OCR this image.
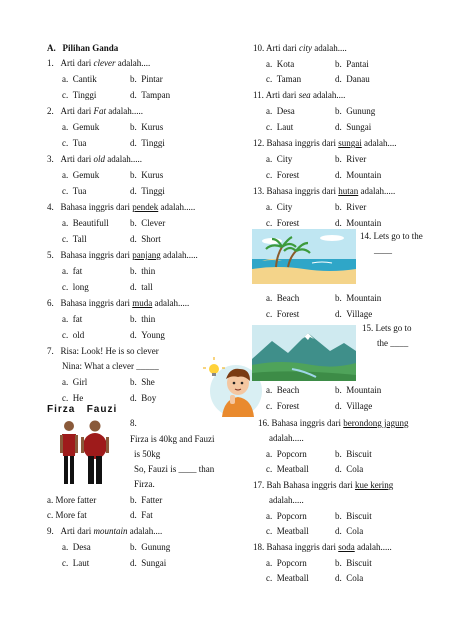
A. Pilihan Ganda
1. Arti dari clever adalah....
a. Cantik	b. Pintar
c. Tinggi	d. Tampan
2. Arti dari Fat adalah.....
a. Gemuk	b. Kurus
c. Tua	d. Tinggi
3. Arti dari old adalah.....
a. Gemuk	b. Kurus
c. Tua	d. Tinggi
4. Bahasa inggris dari pendek adalah.....
a. Beautifull b. Clever
c. Tall	d. Short
5. Bahasa inggris dari panjang adalah.....
a. fat	b. thin
c. long	d. tall
6. Bahasa inggris dari muda adalah.....
a. fat	b. thin
c. old	d. Young
7. Risa: Look! He is so clever
Nina: What a clever _____
a. Girl	b. She
c. He	d. Boy
Firza Fauzi
8.
Firza is 40kg and Fauzi
is 50kg
So, Fauzi is ____ than
Firza.
a. More fatter	b. Fatter
c. More fat	d. Fat
9. Arti dari mountain adalah....
a. Desa	b. Gunung
c. Laut	d. Sungai
10. Arti dari city adalah....
a. Kota	b. Pantai
c. Taman	d. Danau
11. Arti dari sea adalah....
a. Desa	b. Gunung
c. Laut	d. Sungai
12. Bahasa inggris dari sungai adalah....
a. City	b. River
c. Forest	d. Mountain
13. Bahasa inggris dari hutan adalah.....
a. City	b. River
c. Forest	d. Mountain
14. Lets go to the
____
a. Beach	b. Mountain
c. Forest	d. Village
15. Lets go to
the ____
a. Beach	b. Mountain
c. Forest	d. Village
16. Bahasa inggris dari berondong jagung
adalah.....
a. Popcorn	b. Biscuit
c. Meatball	d. Cola
17. Bah Bahasa inggris dari kue kering
adalah.....
a. Popcorn	b. Biscuit
c. Meatball	d. Cola
18. Bahasa inggris dari soda adalah.....
a. Popcorn	b. Biscuit
c. Meatball	d. Cola
